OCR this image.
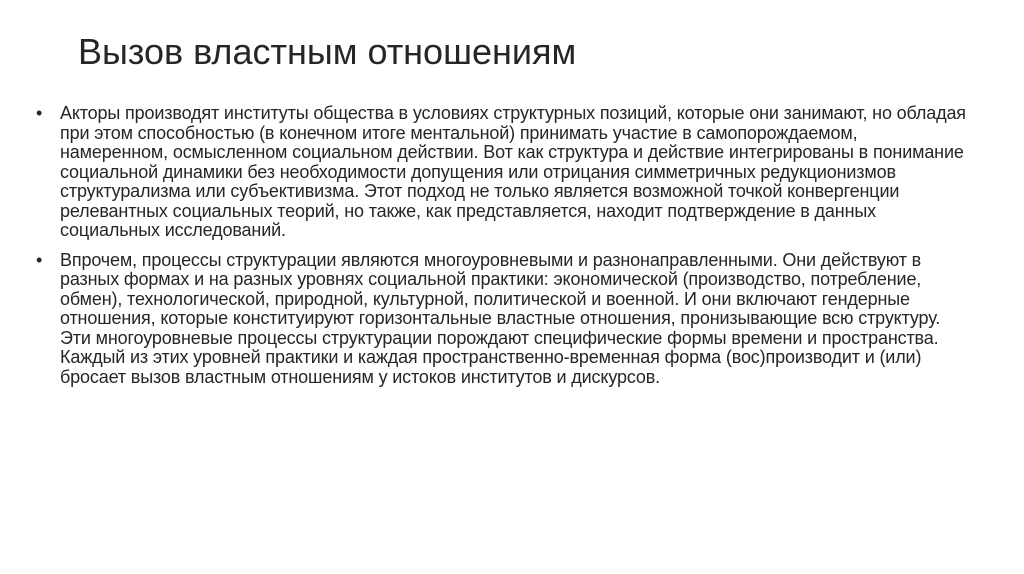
Вызов властным отношениям
• Акторы производят институты общества в условиях структурных позиций, которые они занимают, но обладая при этом способностью (в конечном итоге ментальной) принимать участие в самопорождаемом, намеренном, осмысленном социальном действии. Вот как структура и действие интегрированы в понимание социальной динамики без необходимости допущения или отрицания симметричных редукционизмов структурализма или субъективизма. Этот подход не только является возможной точкой конвергенции релевантных социальных теорий, но также, как представляется, находит подтверждение в данных социальных исследований.
• Впрочем, процессы структурации являются многоуровневыми и разнонаправленными. Они действуют в разных формах и на разных уровнях социальной практики: экономической (производство, потребление, обмен), технологической, природной, культурной, политической и военной. И они включают гендерные отношения, которые конституируют горизонтальные властные отношения, пронизывающие всю структуру. Эти многоуровневые процессы структурации порождают специфические формы времени и пространства. Каждый из этих уровней практики и каждая пространственно-временная форма (вос)производит и (или) бросает вызов властным отношениям у истоков институтов и дискурсов.
